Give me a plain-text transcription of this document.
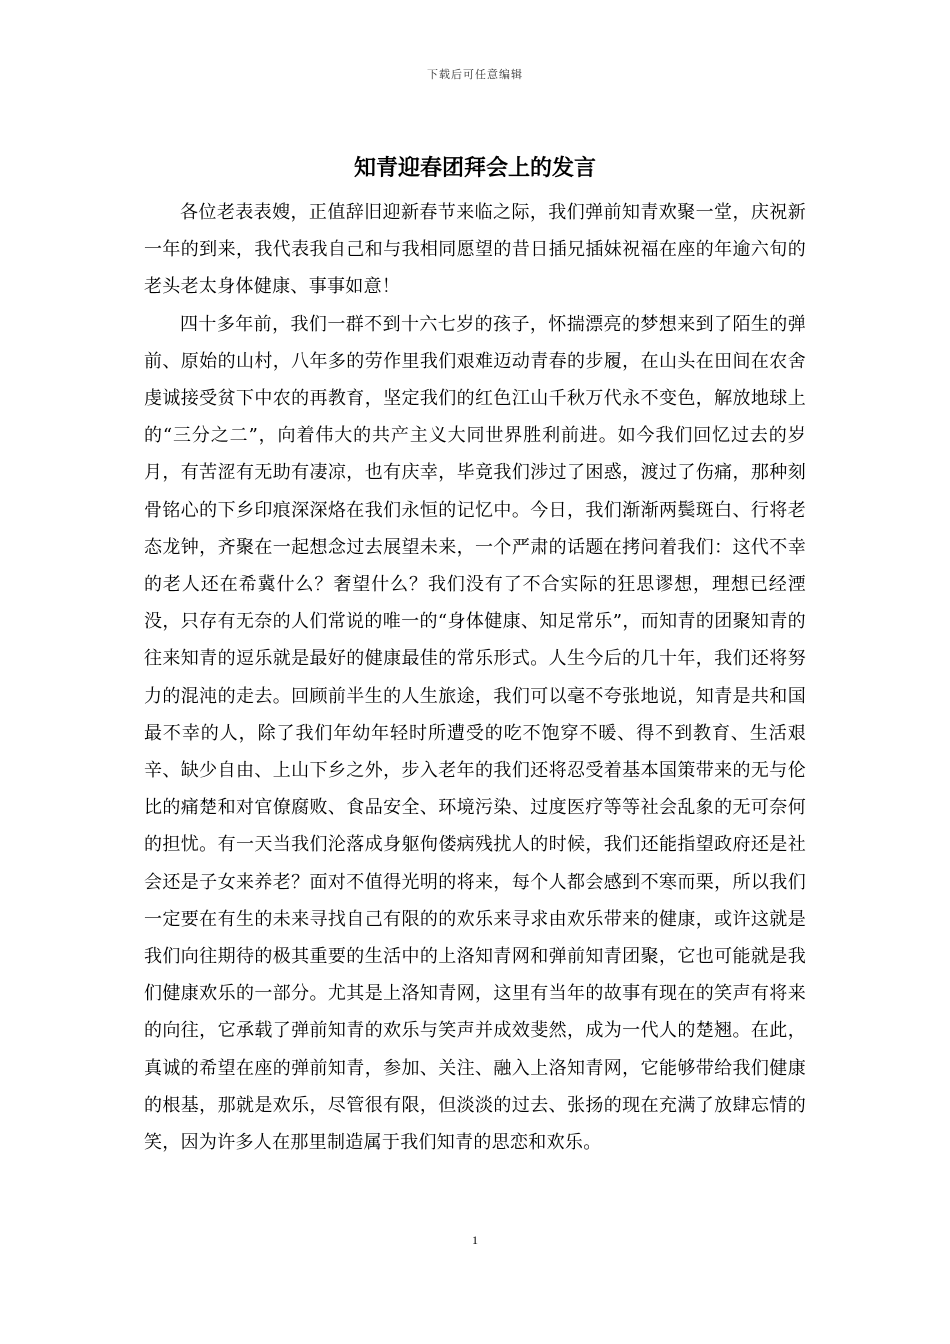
下载后可任意编辑
知青迎春团拜会上的发言

各位老表表嫂，正值辞旧迎新春节来临之际，我们弹前知青欢聚一堂，庆祝新一年的到来，我代表我自己和与我相同愿望的昔日插兄插妹祝福在座的年逾六旬的老头老太身体健康、事事如意！

四十多年前，我们一群不到十六七岁的孩子，怀揣漂亮的梦想来到了陌生的弹前、原始的山村，八年多的劳作里我们艰难迈动青春的步履，在山头在田间在农舍虔诚接受贫下中农的再教育，坚定我们的红色江山千秋万代永不变色，解放地球上的“三分之二”，向着伟大的共产主义大同世界胜利前进。如今我们回忆过去的岁月，有苦涩有无助有凄凉，也有庆幸，毕竟我们涉过了困惑，渡过了伤痛，那种刻骨铭心的下乡印痕深深烙在我们永恒的记忆中。今日，我们渐渐两鬓斑白、行将老态龙钟，齐聚在一起想念过去展望未来，一个严肃的话题在拷问着我们：这代不幸的老人还在希冀什么？奢望什么？我们没有了不合实际的狂思谬想，理想已经湮没，只存有无奈的人们常说的唯一的“身体健康、知足常乐”，而知青的团聚知青的往来知青的逗乐就是最好的健康最佳的常乐形式。人生今后的几十年，我们还将努力的混沌的走去。回顾前半生的人生旅途，我们可以毫不夸张地说，知青是共和国最不幸的人，除了我们年幼年轻时所遭受的吃不饱穿不暖、得不到教育、生活艰辛、缺少自由、上山下乡之外，步入老年的我们还将忍受着基本国策带来的无与伦比的痛楚和对官僚腐败、食品安全、环境污染、过度医疗等等社会乱象的无可奈何的担忧。有一天当我们沦落成身躯佝偻病残扰人的时候，我们还能指望政府还是社会还是子女来养老？面对不值得光明的将来，每个人都会感到不寒而栗，所以我们一定要在有生的未来寻找自己有限的的欢乐来寻求由欢乐带来的健康，或许这就是我们向往期待的极其重要的生活中的上洛知青网和弹前知青团聚，它也可能就是我们健康欢乐的一部分。尤其是上洛知青网，这里有当年的故事有现在的笑声有将来的向往，它承载了弹前知青的欢乐与笑声并成效斐然，成为一代人的楚翘。在此，真诚的希望在座的弹前知青，参加、关注、融入上洛知青网，它能够带给我们健康的根基，那就是欢乐，尽管很有限，但淡淡的过去、张扬的现在充满了放肆忘情的笑，因为许多人在那里制造属于我们知青的思恋和欢乐。

1
